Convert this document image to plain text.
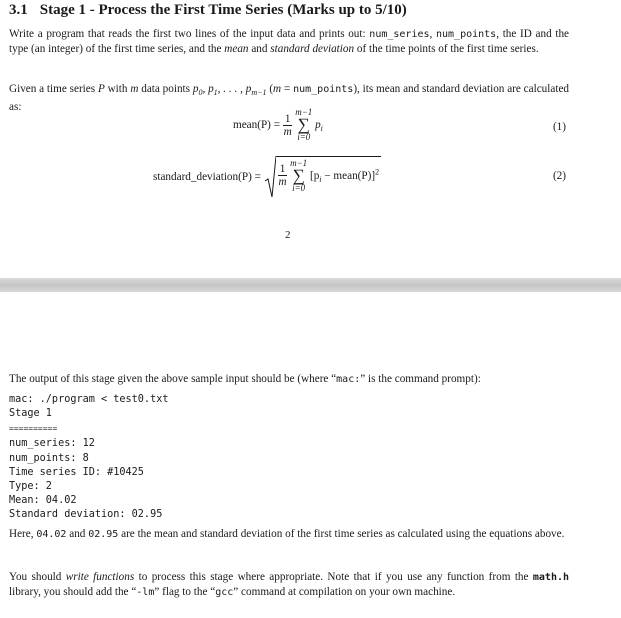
3.1 Stage 1 - Process the First Time Series (Marks up to 5/10)
Write a program that reads the first two lines of the input data and prints out: num_series, num_points, the ID and the type (an integer) of the first time series, and the mean and standard deviation of the time points of the first time series.
Given a time series P with m data points $p_0$, $p_1$, . . . , $p_{m-1}$ (m = num_points), its mean and standard deviation are calculated as:
mean(P) = $\frac{1}{m}$

m−1
∑
i=0
$p_i$	(1)
standard_deviation(P) = $\frac{1}{m}$

m−1
∑
i=0
[$p_i$ − mean(P)]$^2$	(2)
2
The output of this stage given the above sample input should be (where “mac:” is the command prompt):
mac: ./program < test0.txt
Stage 1
==========
num_series: 12
num_points: 8
Time series ID: #10425
Type: 2
Mean: 04.02
Standard deviation: 02.95
Here, 04.02 and 02.95 are the mean and standard deviation of the first time series as calculated using the equations above.
You should write functions to process this stage where appropriate. Note that if you use any function from the math.h library, you should add the “-lm” flag to the “gcc” command at compilation on your own machine.
